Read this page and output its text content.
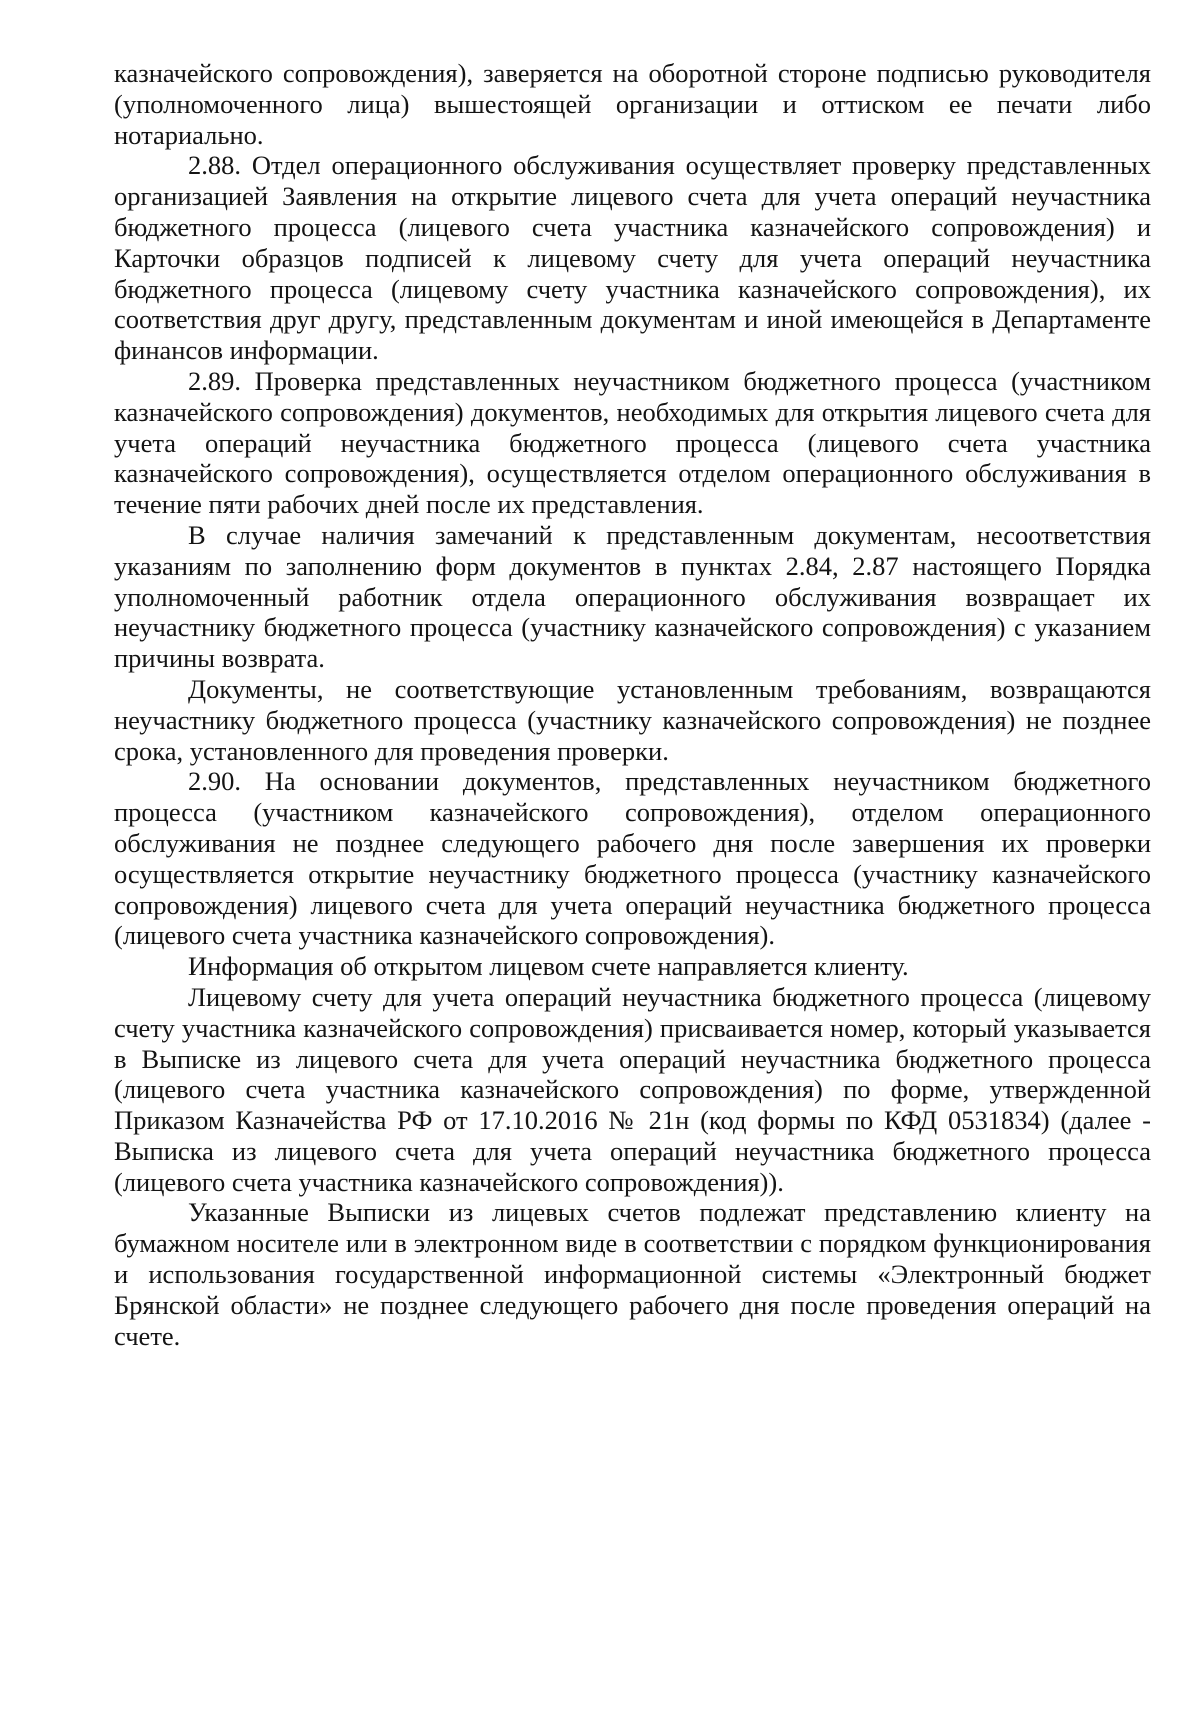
казначейского сопровождения), заверяется на оборотной стороне подписью руководителя (уполномоченного лица) вышестоящей организации и оттиском ее печати либо нотариально.

2.88. Отдел операционного обслуживания осуществляет проверку представленных организацией Заявления на открытие лицевого счета для учета операций неучастника бюджетного процесса (лицевого счета участника казначейского сопровождения) и Карточки образцов подписей к лицевому счету для учета операций неучастника бюджетного процесса (лицевому счету участника казначейского сопровождения), их соответствия друг другу, представленным документам и иной имеющейся в Департаменте финансов информации.

2.89. Проверка представленных неучастником бюджетного процесса (участником казначейского сопровождения) документов, необходимых для открытия лицевого счета для учета операций неучастника бюджетного процесса (лицевого счета участника казначейского сопровождения), осуществляется отделом операционного обслуживания в течение пяти рабочих дней после их представления.

В случае наличия замечаний к представленным документам, несоответствия указаниям по заполнению форм документов в пунктах 2.84, 2.87 настоящего Порядка уполномоченный работник отдела операционного обслуживания возвращает их неучастнику бюджетного процесса (участнику казначейского сопровождения) с указанием причины возврата.

Документы, не соответствующие установленным требованиям, возвращаются неучастнику бюджетного процесса (участнику казначейского сопровождения) не позднее срока, установленного для проведения проверки.

2.90. На основании документов, представленных неучастником бюджетного процесса (участником казначейского сопровождения), отделом операционного обслуживания не позднее следующего рабочего дня после завершения их проверки осуществляется открытие неучастнику бюджетного процесса (участнику казначейского сопровождения) лицевого счета для учета операций неучастника бюджетного процесса (лицевого счета участника казначейского сопровождения).

Информация об открытом лицевом счете направляется клиенту.

Лицевому счету для учета операций неучастника бюджетного процесса (лицевому счету участника казначейского сопровождения) присваивается номер, который указывается в Выписке из лицевого счета для учета операций неучастника бюджетного процесса (лицевого счета участника казначейского сопровождения) по форме, утвержденной Приказом Казначейства РФ от 17.10.2016 № 21н (код формы по КФД 0531834) (далее - Выписка из лицевого счета для учета операций неучастника бюджетного процесса (лицевого счета участника казначейского сопровождения)).

Указанные Выписки из лицевых счетов подлежат представлению клиенту на бумажном носителе или в электронном виде в соответствии с порядком функционирования и использования государственной информационной системы «Электронный бюджет Брянской области» не позднее следующего рабочего дня после проведения операций на счете.
